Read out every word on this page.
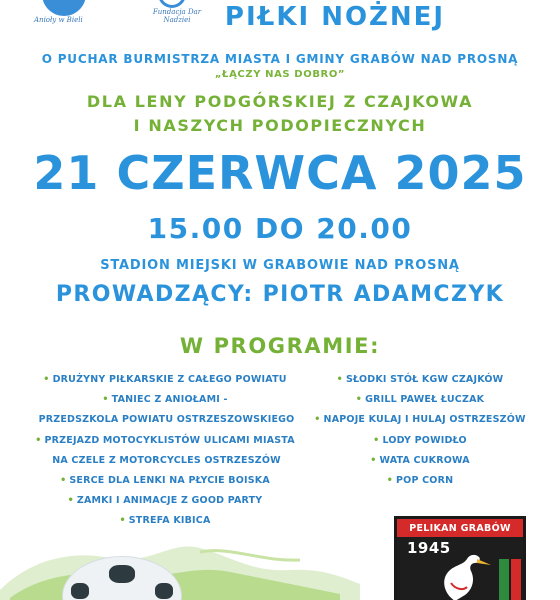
Anioły w Bieli
Fundacja Dar Nadziei	PIŁKI NOŻNEJ
O PUCHAR BURMISTRZA MIASTA I GMINY GRABÓW NAD PROSNĄ
„ŁĄCZY NAS DOBRO”
DLA LENY PODGÓRSKIEJ Z CZAJKOWA
I NASZYCH PODOPIECZNYCH
21 CZERWCA 2025
15.00 DO 20.00
STADION MIEJSKI W GRABOWIE NAD PROSNĄ
PROWADZĄCY: PIOTR ADAMCZYK
W PROGRAMIE:
• DRUŻYNY PIŁKARSKIE Z CAŁEGO POWIATU
• TANIEC Z ANIOŁAMI -
PRZEDSZKOLA POWIATU OSTRZESZOWSKIEGO
• PRZEJAZD MOTOCYKLISTÓW ULICAMI MIASTA
NA CZELE Z MOTORCYCLES OSTRZESZÓW
• SERCE DLA LENKI NA PŁYCIE BOISKA
• ZAMKI I ANIMACJE Z GOOD PARTY
• STREFA KIBICA
• SŁODKI STÓŁ KGW CZAJKÓW
• GRILL PAWEŁ ŁUCZAK
• NAPOJE KULAJ I HULAJ OSTRZESZÓW
• LODY POWIDŁO
• WATA CUKROWA
• POP CORN
PELIKAN GRABÓW
1945
